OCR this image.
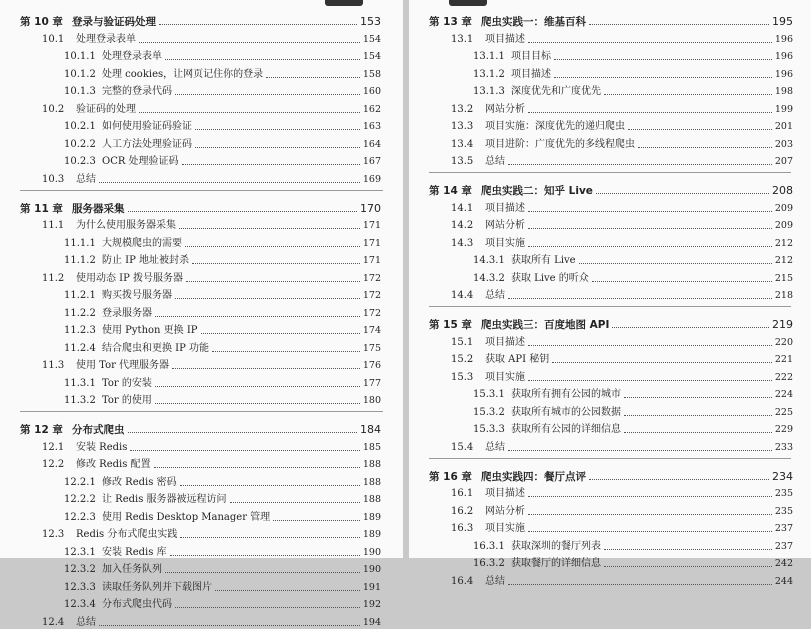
第 10 章 登录与验证码处理	153
10.1	处理登录表单	154
10.1.1 处理登录表单	154
10.1.2 处理 cookies，让网页记住你的登录	158
10.1.3 完整的登录代码	160
10.2	验证码的处理	162
10.2.1 如何使用验证码验证	163
10.2.2 人工方法处理验证码	164
10.2.3 OCR 处理验证码	167
10.3	总结	169
第 11 章 服务器采集	170
11.1	为什么使用服务器采集	171
11.1.1 大规模爬虫的需要	171
11.1.2 防止 IP 地址被封杀	171
11.2	使用动态 IP 拨号服务器	172
11.2.1 购买拨号服务器	172
11.2.2 登录服务器	172
11.2.3 使用 Python 更换 IP	174
11.2.4 结合爬虫和更换 IP 功能	175
11.3	使用 Tor 代理服务器	176
11.3.1 Tor 的安装	177
11.3.2 Tor 的使用	180
第 12 章 分布式爬虫	184
12.1	安装 Redis	185
12.2	修改 Redis 配置	188
12.2.1 修改 Redis 密码	188
12.2.2 让 Redis 服务器被远程访问	188
12.2.3 使用 Redis Desktop Manager 管理	189
12.3	Redis 分布式爬虫实践	189
12.3.1 安装 Redis 库	190
12.3.2 加入任务队列	190
12.3.3 读取任务队列并下载图片	191
12.3.4 分布式爬虫代码	192
12.4	总结	194
第 13 章 爬虫实践一：维基百科	195
13.1	项目描述	196
13.1.1 项目目标	196
13.1.2 项目描述	196
13.1.3 深度优先和广度优先	198
13.2	网站分析	199
13.3	项目实施：深度优先的递归爬虫	201
13.4	项目进阶：广度优先的多线程爬虫	203
13.5	总结	207
第 14 章 爬虫实践二：知乎 Live	208
14.1	项目描述	209
14.2	网站分析	209
14.3	项目实施	212
14.3.1 获取所有 Live	212
14.3.2 获取 Live 的听众	215
14.4	总结	218
第 15 章 爬虫实践三：百度地图 API	219
15.1	项目描述	220
15.2	获取 API 秘钥	221
15.3	项目实施	222
15.3.1 获取所有拥有公园的城市	224
15.3.2 获取所有城市的公园数据	225
15.3.3 获取所有公园的详细信息	229
15.4	总结	233
第 16 章 爬虫实践四：餐厅点评	234
16.1	项目描述	235
16.2	网站分析	235
16.3	项目实施	237
16.3.1 获取深圳的餐厅列表	237
16.3.2 获取餐厅的详细信息	242
16.4	总结	244
